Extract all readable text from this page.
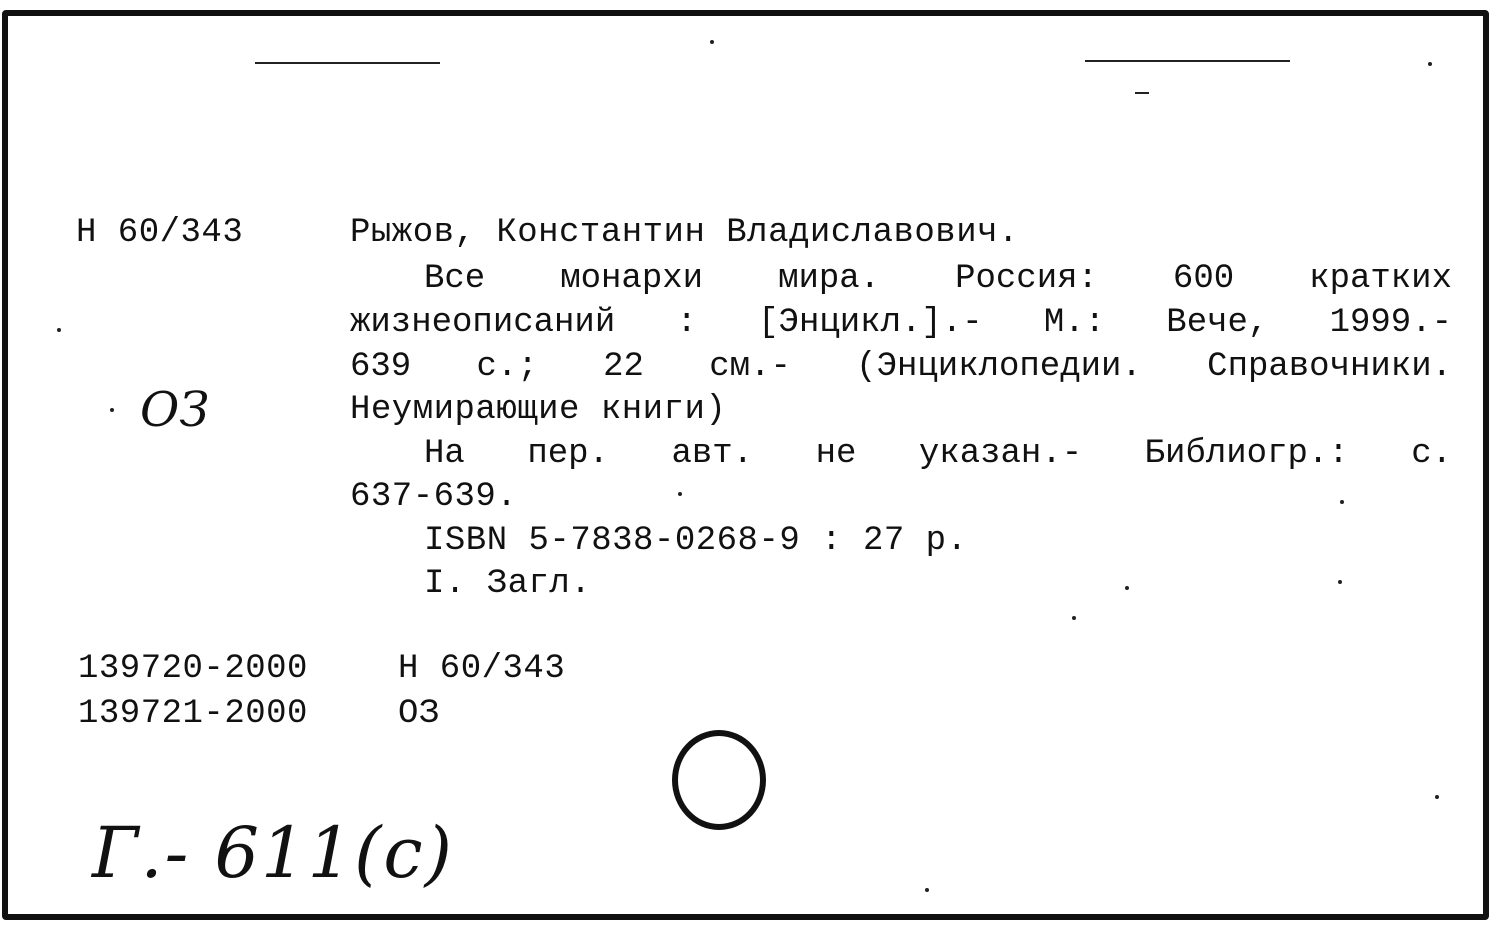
Н 60/343	Рыжов, Константин Владиславович.
Все монархи мира. Россия: 600 кратких
жизнеописаний : [Энцикл.].- М.: Вече, 1999.-
639 с.; 22 см.- (Энциклопедии. Справочники.
Неумирающие книги)
На пер. авт. не указан.- Библиогр.: с.
637-639.
ISBN 5-7838-0268-9 : 27 р.
I. Загл.
139720-2000	Н 60/343
139721-2000	ОЗ
ОЗ
Г.- 611(с)
